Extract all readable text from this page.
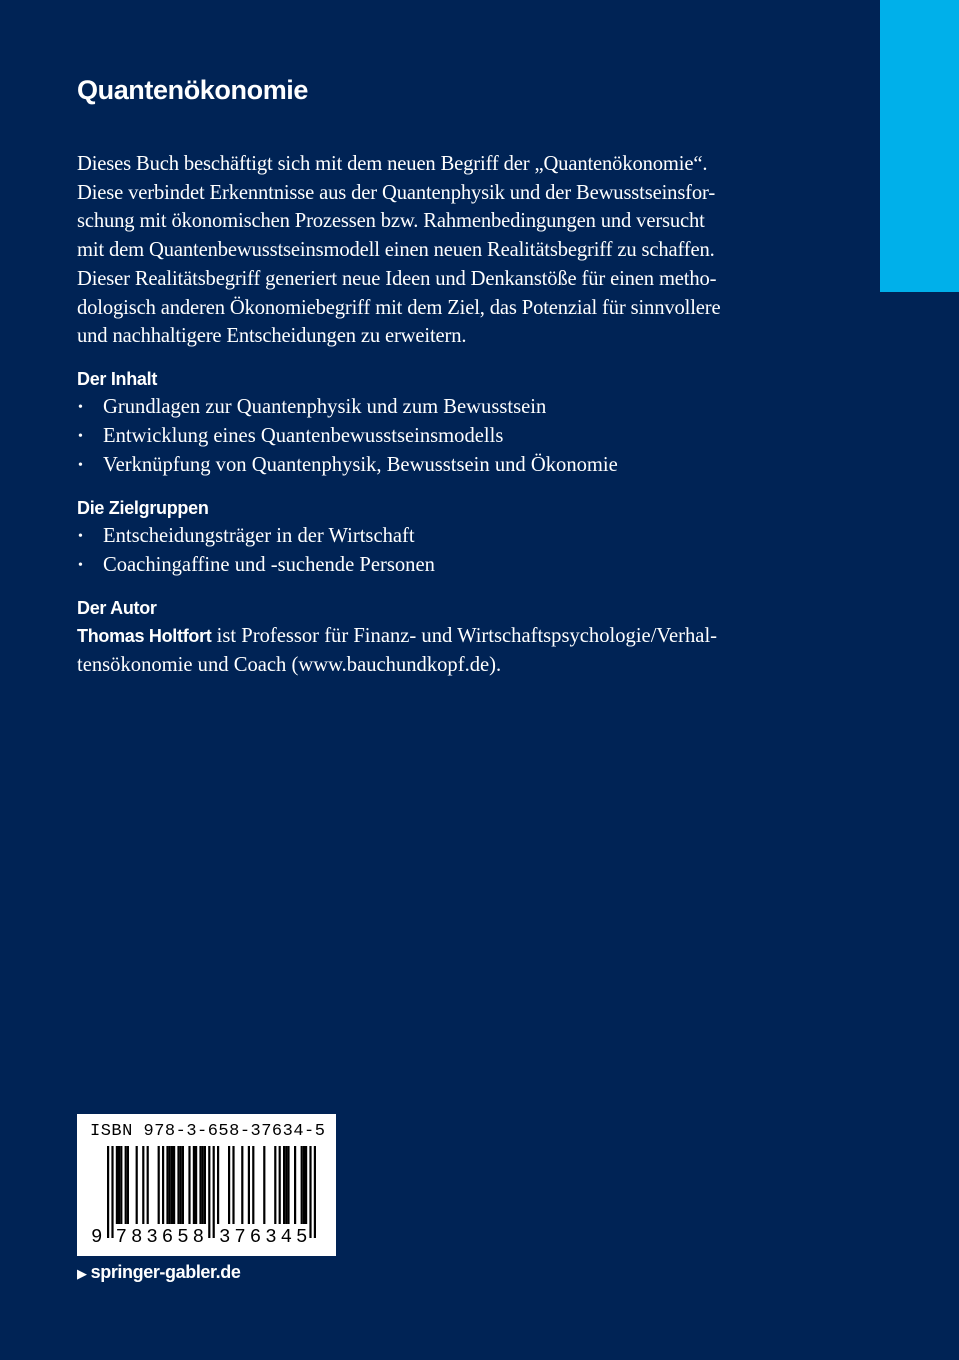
Quantenökonomie

Dieses Buch beschäftigt sich mit dem neuen Begriff der „Quantenökonomie“.
Diese verbindet Erkenntnisse aus der Quantenphysik und der Bewusstseinsfor-
schung mit ökonomischen Prozessen bzw. Rahmenbedingungen und versucht
mit dem Quantenbewusstseinsmodell einen neuen Realitätsbegriff zu schaffen.
Dieser Realitätsbegriff generiert neue Ideen und Denkanstöße für einen metho-
dologisch anderen Ökonomiebegriff mit dem Ziel, das Potenzial für sinnvollere
und nachhaltigere Entscheidungen zu erweitern.

Der Inhalt
• Grundlagen zur Quantenphysik und zum Bewusstsein
• Entwicklung eines Quantenbewusstseinsmodells
• Verknüpfung von Quantenphysik, Bewusstsein und Ökonomie
Die Zielgruppen
• Entscheidungsträger in der Wirtschaft
• Coachingaffine und -suchende Personen
Der Autor

Thomas Holtfort ist Professor für Finanz- und Wirtschaftspsychologie/Verhal-
tensökonomie und Coach (www.bauchundkopf.de).

ISBN 978-3-658-37634-5
9 7 8 3 6 5 8 3 7 6 3 4 5
▶ springer-gabler.de
